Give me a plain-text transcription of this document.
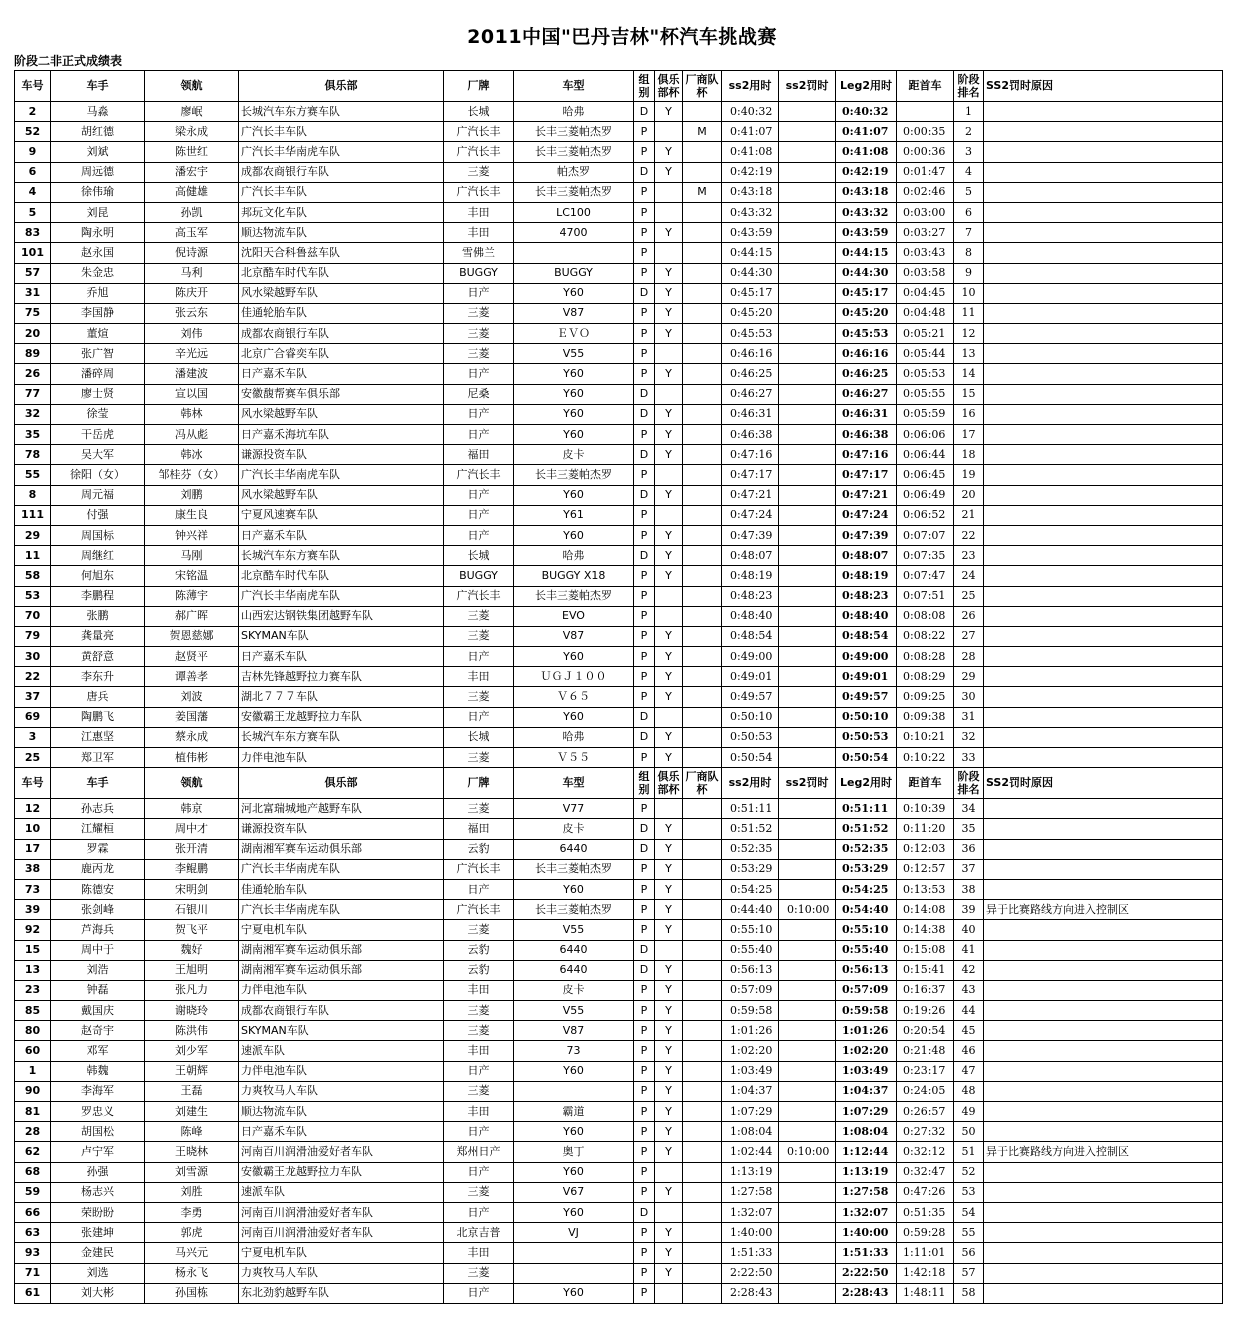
2011中国"巴丹吉林"杯汽车挑战赛
阶段二非正式成绩表
车号	车手	领航	俱乐部	厂牌	车型	组别	俱乐部杯	厂商队杯	ss2用时	ss2罚时	Leg2用时	距首车	阶段排名	SS2罚时原因
2	马淼	廖岷	长城汽车东方赛车队	长城	哈弗	D	Y		0:40:32		0:40:32		1	
52	胡红德	梁永成	广汽长丰车队	广汽长丰	长丰三菱帕杰罗	P		M	0:41:07		0:41:07	0:00:35	2	
9	刘斌	陈世红	广汽长丰华南虎车队	广汽长丰	长丰三菱帕杰罗	P	Y		0:41:08		0:41:08	0:00:36	3	
6	周远德	潘宏宇	成都农商银行车队	三菱	帕杰罗	D	Y		0:42:19		0:42:19	0:01:47	4	
4	徐伟瑜	高健雄	广汽长丰车队	广汽长丰	长丰三菱帕杰罗	P		M	0:43:18		0:43:18	0:02:46	5	
5	刘昆	孙凯	邦玩文化车队	丰田	LC100	P			0:43:32		0:43:32	0:03:00	6	
83	陶永明	高玉军	顺达物流车队	丰田	4700	P	Y		0:43:59		0:43:59	0:03:27	7	
101	赵永国	倪诗源	沈阳天合科鲁兹车队	雪佛兰		P			0:44:15		0:44:15	0:03:43	8	
57	朱金忠	马利	北京酷车时代车队	BUGGY	BUGGY	P	Y		0:44:30		0:44:30	0:03:58	9	
31	乔旭	陈庆开	风水梁越野车队	日产	Y60	D	Y		0:45:17		0:45:17	0:04:45	10	
75	李国静	张云东	佳通轮胎车队	三菱	V87	P	Y		0:45:20		0:45:20	0:04:48	11	
20	董煊	刘伟	成都农商银行车队	三菱	ＥＶＯ	P	Y		0:45:53		0:45:53	0:05:21	12	
89	张广智	辛光远	北京广合睿奕车队	三菱	V55	P			0:46:16		0:46:16	0:05:44	13	
26	潘碎周	潘建波	日产嘉禾车队	日产	Y60	P	Y		0:46:25		0:46:25	0:05:53	14	
77	廖士贤	宣以国	安徽馥帮赛车俱乐部	尼桑	Y60	D			0:46:27		0:46:27	0:05:55	15	
32	徐莹	韩林	风水梁越野车队	日产	Y60	D	Y		0:46:31		0:46:31	0:05:59	16	
35	干岳虎	冯从彪	日产嘉禾海坑车队	日产	Y60	P	Y		0:46:38		0:46:38	0:06:06	17	
78	吴大军	韩冰	谦源投资车队	福田	皮卡	D	Y		0:47:16		0:47:16	0:06:44	18	
55	徐阳（女）	邹桂芬（女）	广汽长丰华南虎车队	广汽长丰	长丰三菱帕杰罗	P			0:47:17		0:47:17	0:06:45	19	
8	周元福	刘鹏	风水梁越野车队	日产	Y60	D	Y		0:47:21		0:47:21	0:06:49	20	
111	付强	康生良	宁夏风速赛车队	日产	Y61	P			0:47:24		0:47:24	0:06:52	21	
29	周国标	钟兴祥	日产嘉禾车队	日产	Y60	P	Y		0:47:39		0:47:39	0:07:07	22	
11	周继红	马刚	长城汽车东方赛车队	长城	哈弗	D	Y		0:48:07		0:48:07	0:07:35	23	
58	何旭东	宋铭温	北京酷车时代车队	BUGGY	BUGGY X18	P	Y		0:48:19		0:48:19	0:07:47	24	
53	李鹏程	陈薄宇	广汽长丰华南虎车队	广汽长丰	长丰三菱帕杰罗	P			0:48:23		0:48:23	0:07:51	25	
70	张鹏	郝广晖	山西宏达钢铁集团越野车队	三菱	EVO	P			0:48:40		0:48:40	0:08:08	26	
79	龚量亮	贺恩慈娜	SKYMAN车队	三菱	V87	P	Y		0:48:54		0:48:54	0:08:22	27	
30	黄舒意	赵贤平	日产嘉禾车队	日产	Y60	P	Y		0:49:00		0:49:00	0:08:28	28	
22	李东升	谭善孝	吉林先锋越野拉力赛车队	丰田	ＵＧＪ１００	P	Y		0:49:01		0:49:01	0:08:29	29	
37	唐兵	刘波	湖北７７７车队	三菱	Ｖ６５	P	Y		0:49:57		0:49:57	0:09:25	30	
69	陶鹏飞	姜国藩	安徽霸王龙越野拉力车队	日产	Y60	D			0:50:10		0:50:10	0:09:38	31	
3	江惠坚	蔡永成	长城汽车东方赛车队	长城	哈弗	D	Y		0:50:53		0:50:53	0:10:21	32	
25	郑卫军	植伟彬	力伴电池车队	三菱	Ｖ５５	P	Y		0:50:54		0:50:54	0:10:22	33	
车号	车手	领航	俱乐部	厂牌	车型	组别	俱乐部杯	厂商队杯	ss2用时	ss2罚时	Leg2用时	距首车	阶段排名	SS2罚时原因
12	孙志兵	韩京	河北富瑞城地产越野车队	三菱	V77	P			0:51:11		0:51:11	0:10:39	34	
10	江耀桓	周中才	谦源投资车队	福田	皮卡	D	Y		0:51:52		0:51:52	0:11:20	35	
17	罗霖	张开清	湖南湘军赛车运动俱乐部	云豹	6440	D	Y		0:52:35		0:52:35	0:12:03	36	
38	鹿丙龙	李鲲鹏	广汽长丰华南虎车队	广汽长丰	长丰三菱帕杰罗	P	Y		0:53:29		0:53:29	0:12:57	37	
73	陈德安	宋明剑	佳通轮胎车队	日产	Y60	P	Y		0:54:25		0:54:25	0:13:53	38	
39	张剑峰	石银川	广汽长丰华南虎车队	广汽长丰	长丰三菱帕杰罗	P	Y		0:44:40	0:10:00	0:54:40	0:14:08	39	异于比赛路线方向进入控制区
92	芦海兵	贺飞平	宁夏电机车队	三菱	V55	P	Y		0:55:10		0:55:10	0:14:38	40	
15	周中于	魏好	湖南湘军赛车运动俱乐部	云豹	6440	D			0:55:40		0:55:40	0:15:08	41	
13	刘浩	王旭明	湖南湘军赛车运动俱乐部	云豹	6440	D	Y		0:56:13		0:56:13	0:15:41	42	
23	钟磊	张凡力	力伴电池车队	丰田	皮卡	P	Y		0:57:09		0:57:09	0:16:37	43	
85	戴国庆	谢晓玲	成都农商银行车队	三菱	V55	P	Y		0:59:58		0:59:58	0:19:26	44	
80	赵奇宇	陈洪伟	SKYMAN车队	三菱	V87	P	Y		1:01:26		1:01:26	0:20:54	45	
60	邓军	刘少军	速派车队	丰田	73	P	Y		1:02:20		1:02:20	0:21:48	46	
1	韩魏	王朝辉	力伴电池车队	日产	Y60	P	Y		1:03:49		1:03:49	0:23:17	47	
90	李海军	王磊	力爽牧马人车队	三菱		P	Y		1:04:37		1:04:37	0:24:05	48	
81	罗忠义	刘建生	顺达物流车队	丰田	霸道	P	Y		1:07:29		1:07:29	0:26:57	49	
28	胡国松	陈峰	日产嘉禾车队	日产	Y60	P	Y		1:08:04		1:08:04	0:27:32	50	
62	卢宁军	王晓林	河南百川润滑油爱好者车队	郑州日产	奥丁	P	Y		1:02:44	0:10:00	1:12:44	0:32:12	51	异于比赛路线方向进入控制区
68	孙强	刘雪源	安徽霸王龙越野拉力车队	日产	Y60	P			1:13:19		1:13:19	0:32:47	52	
59	杨志兴	刘胜	速派车队	三菱	V67	P	Y		1:27:58		1:27:58	0:47:26	53	
66	荣盼盼	李勇	河南百川润滑油爱好者车队	日产	Y60	D			1:32:07		1:32:07	0:51:35	54	
63	张建坤	郭虎	河南百川润滑油爱好者车队	北京吉普	VJ	P	Y		1:40:00		1:40:00	0:59:28	55	
93	金建民	马兴元	宁夏电机车队	丰田		P	Y		1:51:33		1:51:33	1:11:01	56	
71	刘选	杨永飞	力爽牧马人车队	三菱		P	Y		2:22:50		2:22:50	1:42:18	57	
61	刘大彬	孙国栋	东北劲豹越野车队	日产	Y60	P			2:28:43		2:28:43	1:48:11	58	
